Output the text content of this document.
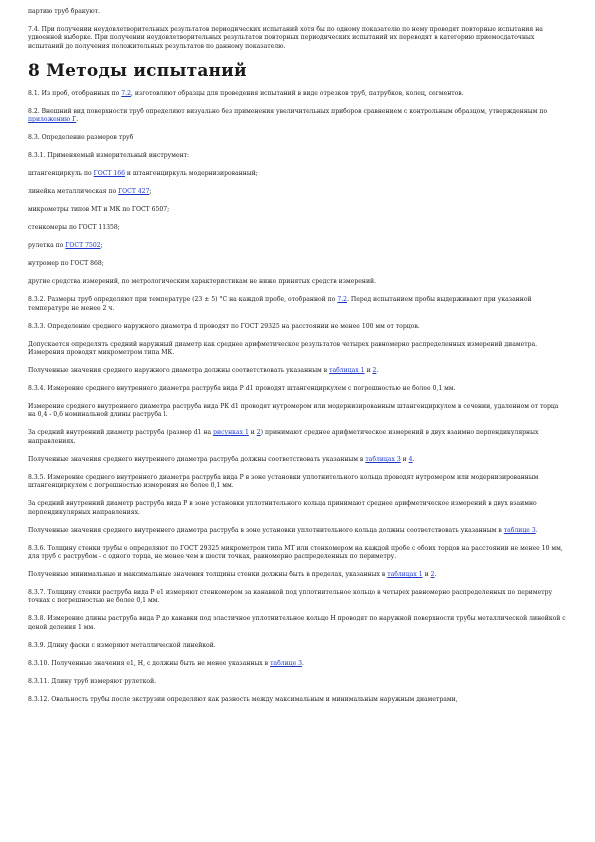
партию труб бракуют.

7.4. При получении неудовлетворительных результатов периодических испытаний хотя бы по одному показателю по нему проводят повторные испытания на удвоенной выборке. При получении неудовлетворительных результатов повторных периодических испытаний их переводят в категорию приемосдаточных испытаний до получения положительных результатов по данному показателю.

8 Методы испытаний

8.1. Из проб, отобранных по 7.2, изготовляют образцы для проведения испытаний в виде отрезков труб, патрубков, колец, сегментов.

8.2. Внешний вид поверхности труб определяют визуально без применения увеличительных приборов сравнением с контрольным образцом, утвержденным по приложению Г.

8.3. Определение размеров труб

8.3.1. Применяемый измерительный инструмент:

штангенциркуль по ГОСТ 166 и штангенциркуль модернизированный;

линейка металлическая по ГОСТ 427;

микрометры типов МТ и МК по ГОСТ 6507;

стенкомеры по ГОСТ 11358;

рулетка по ГОСТ 7502;

нутромер по ГОСТ 868;

другие средства измерений, по метрологическим характеристикам не ниже принятых средств измерений.

8.3.2. Размеры труб определяют при температуре (23 ± 5) °С на каждой пробе, отобранной по 7.2. Перед испытанием пробы выдерживают при указанной температуре не менее 2 ч.

8.3.3. Определение среднего наружного диаметра d проводят по ГОСТ 29325 на расстоянии не менее 100 мм от торцов.

Допускается определять средний наружный диаметр как среднее арифметическое результатов четырех равномерно распределенных измерений диаметра. Измерения проводят микрометром типа МК.

Полученные значения среднего наружного диаметра должны соответствовать указанным в таблицах 1 и 2.

8.3.4. Измерение среднего внутреннего диаметра раструба вида Р d1 проводят штангенциркулем с погрешностью не более 0,1 мм.

Измерение среднего внутреннего диаметра раструба вида РК d1 проводят нутромером или модернизированным штангенциркулем в сечении, удаленном от торца на 0,4 - 0,6 номинальной длины раструба l.

За средний внутренний диаметр раструба (размер d1 на рисунках 1 и 2) принимают среднее арифметическое измерений в двух взаимно перпендикулярных направлениях.

Полученные значения среднего внутреннего диаметра раструба должны соответствовать указанным в таблицах 3 и 4.

8.3.5. Измерение среднего внутреннего диаметра раструба вида Р в зоне установки уплотнительного кольца проводят нутромером или модернизированным штангенциркулем с погрешностью измерения не более 0,1 мм.

За средний внутренний диаметр раструба вида Р в зоне установки уплотнительного кольца принимают среднее арифметическое измерений в двух взаимно перпендикулярных направлениях.

Полученные значения среднего внутреннего диаметра раструба в зоне установки уплотнительного кольца должны соответствовать указанным в таблице 3.

8.3.6. Толщину стенки трубы e определяют по ГОСТ 29325 микрометром типа МТ или стенкомером на каждой пробе с обоих торцов на расстоянии не менее 10 мм, для труб с раструбом - с одного торца, не менее чем в шести точках, равномерно распределенных по периметру.

Полученные минимальные и максимальные значения толщины стенки должны быть в пределах, указанных в таблицах 1 и 2.

8.3.7. Толщину стенки раструба вида Р e1 измеряют стенкомером за канавкой под уплотнительное кольцо в четырех равномерно распределенных по периметру точках с погрешностью не более 0,1 мм.

8.3.8. Измерение длины раструба вида Р до канавки под эластичное уплотнительное кольцо H проводят по наружной поверхности трубы металлической линейкой с ценой деления 1 мм.

8.3.9. Длину фаски c измеряют металлической линейкой.

8.3.10. Полученные значения e1, H, c должны быть не менее указанных в таблице 3.

8.3.11. Длину труб измеряют рулеткой.

8.3.12. Овальность трубы после экструзии определяют как разность между максимальным и минимальным наружным диаметрами,
